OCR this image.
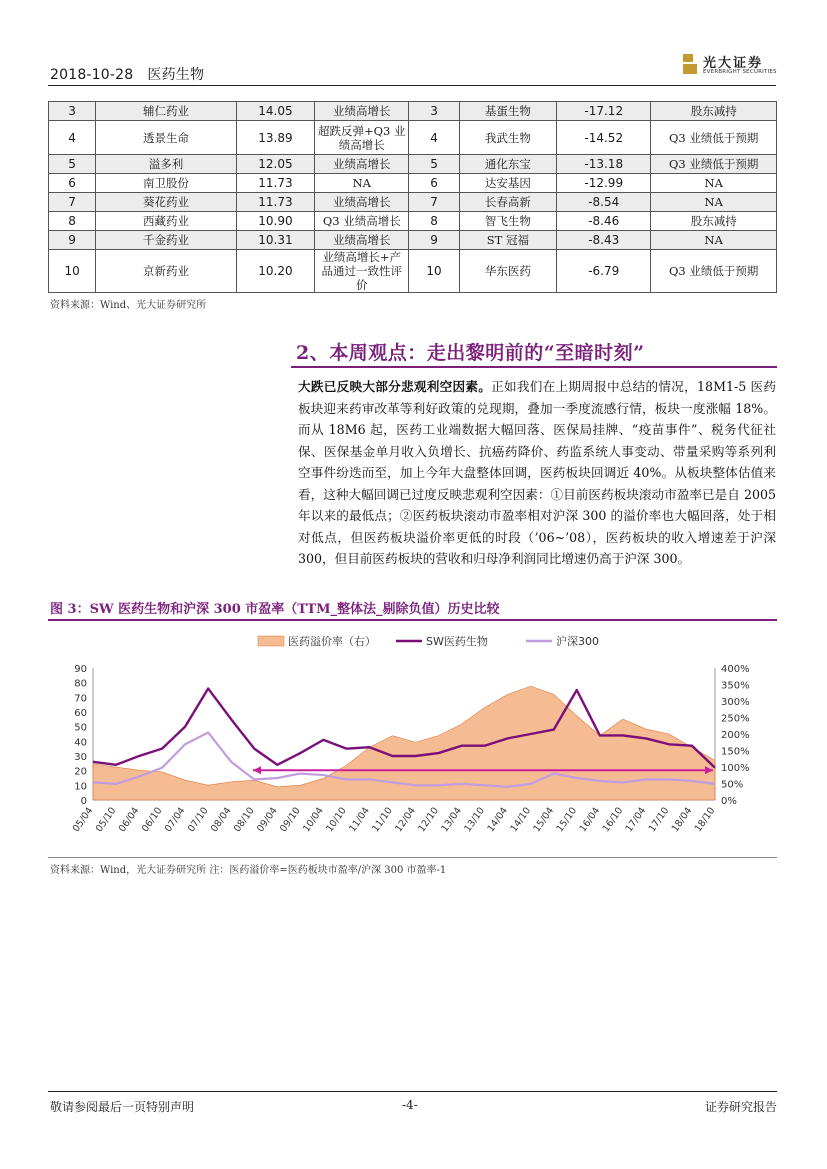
2018-10-28 医药生物
光大证券
EVERBRIGHT SECURITIES
3	辅仁药业	14.05	业绩高增长	3	基蛋生物	-17.12	股东减持
4	透景生命	13.89	超跌反弹+Q3 业绩高增长	4	我武生物	-14.52	Q3 业绩低于预期
5	溢多利	12.05	业绩高增长	5	通化东宝	-13.18	Q3 业绩低于预期
6	南卫股份	11.73	NA	6	达安基因	-12.99	NA
7	葵花药业	11.73	业绩高增长	7	长春高新	-8.54	NA
8	西藏药业	10.90	Q3 业绩高增长	8	智飞生物	-8.46	股东减持
9	千金药业	10.31	业绩高增长	9	ST 冠福	-8.43	NA
10	京新药业	10.20	业绩高增长+产品通过一致性评价	10	华东医药	-6.79	Q3 业绩低于预期
资料来源：Wind、光大证券研究所
2、本周观点：走出黎明前的“至暗时刻”
大跌已反映大部分悲观利空因素。正如我们在上期周报中总结的情况，18M1-5 医药板块迎来药审改革等利好政策的兑现期，叠加一季度流感行情，板块一度涨幅 18%。而从 18M6 起，医药工业端数据大幅回落、医保局挂牌、“疫苗事件”、税务代征社保、医保基金单月收入负增长、抗癌药降价、药监系统人事变动、带量采购等系列利空事件纷迭而至，加上今年大盘整体回调，医药板块回调近 40%。从板块整体估值来看，这种大幅回调已过度反映悲观利空因素：①目前医药板块滚动市盈率已是自 2005 年以来的最低点；②医药板块滚动市盈率相对沪深 300 的溢价率也大幅回落，处于相对低点，但医药板块溢价率更低的时段（’06~’08），医药板块的收入增速差于沪深 300，但目前医药板块的营收和归母净利润同比增速仍高于沪深 300。
图 3：SW 医药生物和沪深 300 市盈率（TTM_整体法_剔除负值）历史比较
0
10
20
30
40
50
60
70
80
90
0%
50%
100%
150%
200%
250%
300%
350%
400%
05/04
05/10
06/04
06/10
07/04
07/10
08/04
08/10
09/04
09/10
10/04
10/10
11/04
11/10
12/04
12/10
13/04
13/10
14/04
14/10
15/04
15/10
16/04
16/10
17/04
17/10
18/04
18/10
医药溢价率（右）	SW医药生物	沪深300
资料来源：Wind，光大证券研究所 注：医药溢价率=医药板块市盈率/沪深 300 市盈率-1
敬请参阅最后一页特别声明	-4-	证券研究报告
